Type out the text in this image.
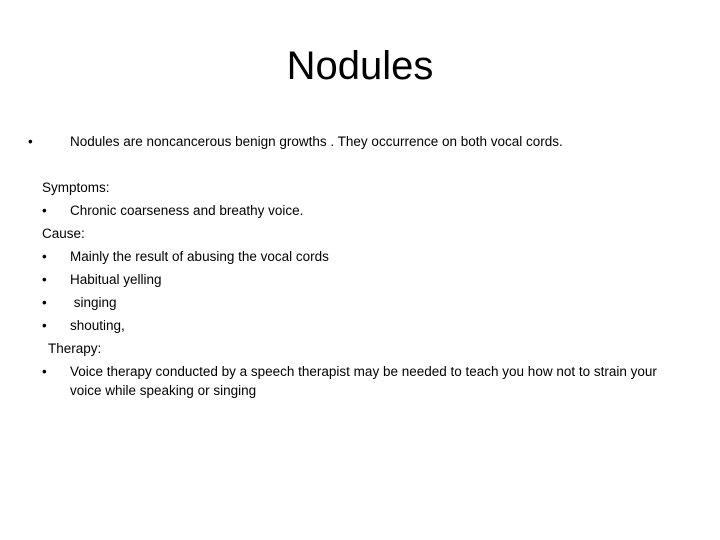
Nodules
•	Nodules are noncancerous benign growths . They occurrence on both vocal cords.
Symptoms:
•	Chronic coarseness and breathy voice.
Cause:
•	Mainly the result of abusing the vocal cords
•	Habitual yelling
•	singing
•	shouting,
Therapy:
•	Voice therapy conducted by a speech therapist may be needed to teach you how not to strain your voice while speaking or singing
